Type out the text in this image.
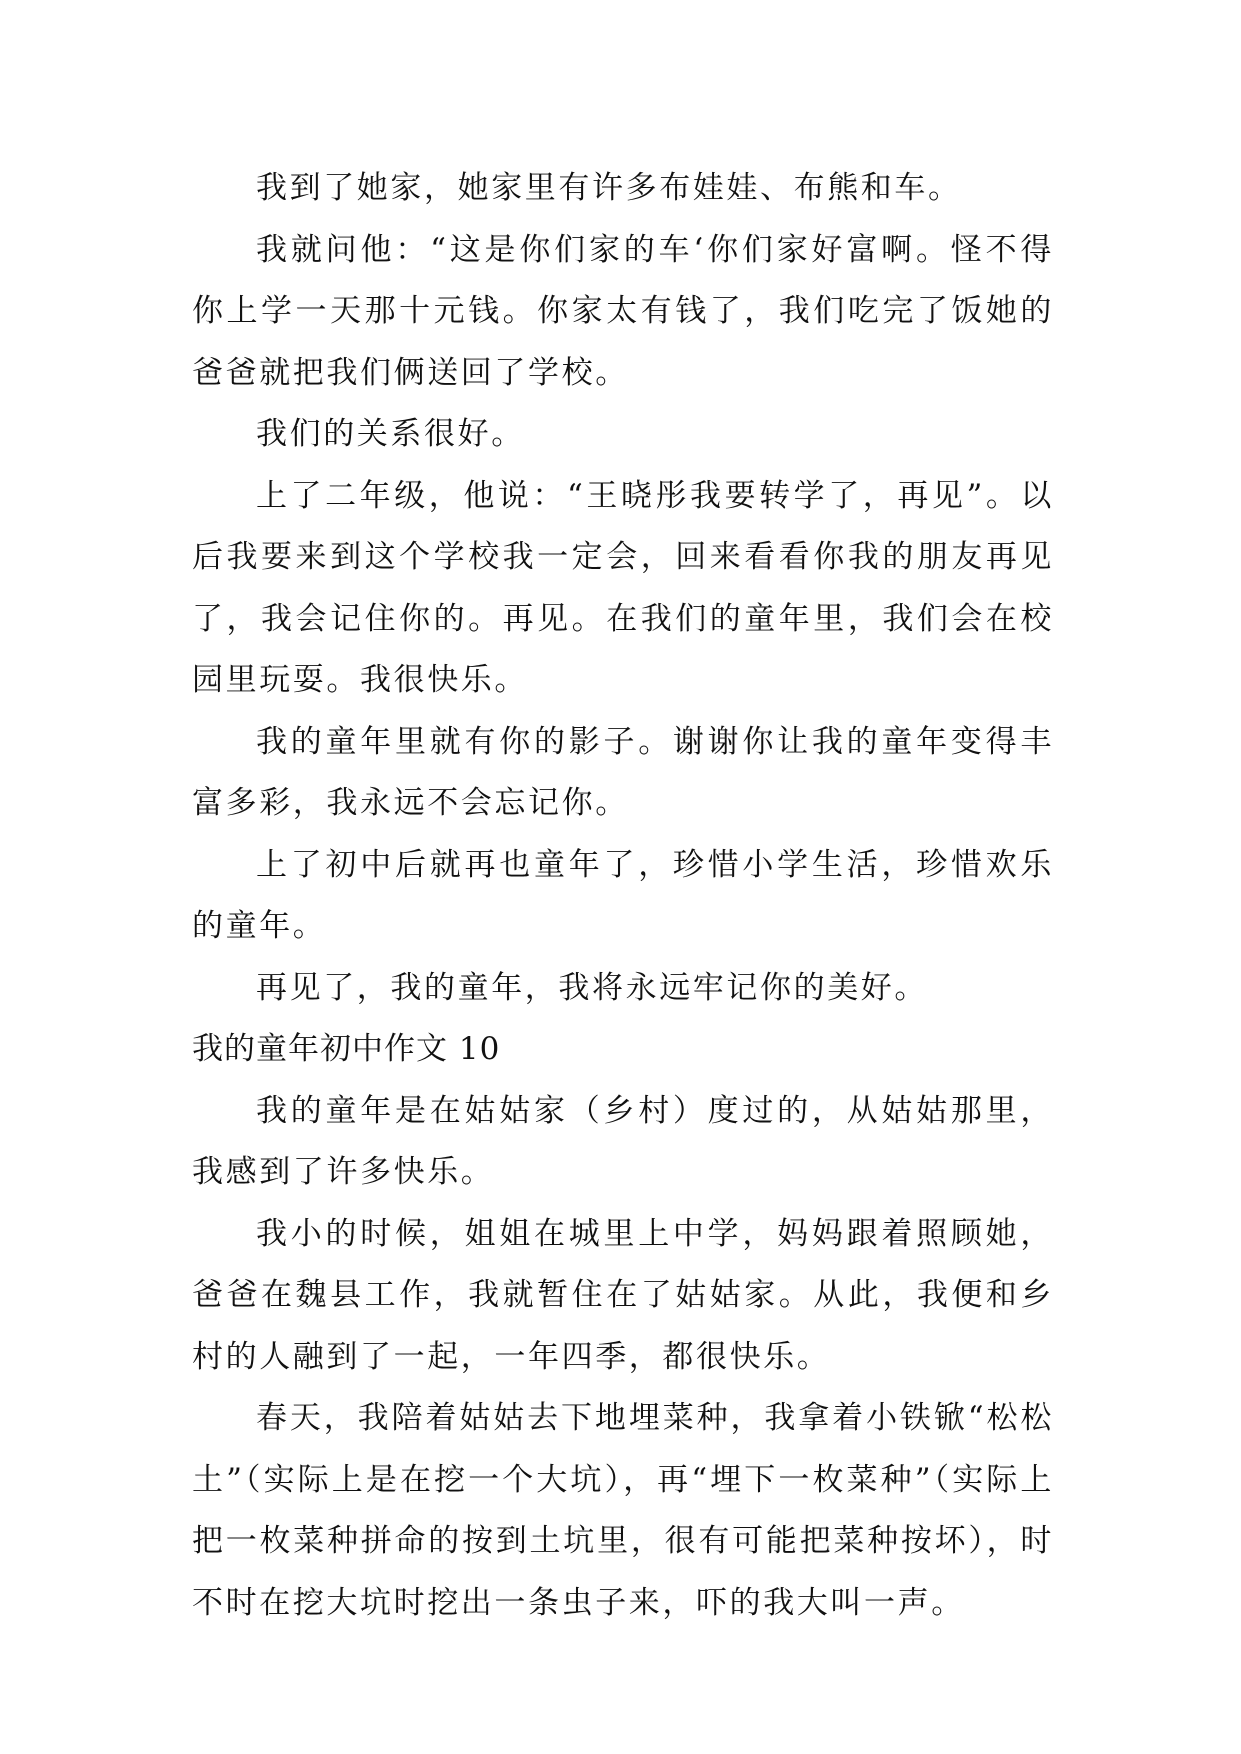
我到了她家，她家里有许多布娃娃、布熊和车。

我就问他：“这是你们家的车‘你们家好富啊。怪不得你上学一天那十元钱。你家太有钱了，我们吃完了饭她的爸爸就把我们俩送回了学校。

我们的关系很好。

上了二年级，他说：“王晓彤我要转学了，再见”。以后我要来到这个学校我一定会，回来看看你我的朋友再见了，我会记住你的。再见。在我们的童年里，我们会在校园里玩耍。我很快乐。

我的童年里就有你的影子。谢谢你让我的童年变得丰富多彩，我永远不会忘记你。

上了初中后就再也童年了，珍惜小学生活，珍惜欢乐的童年。

再见了，我的童年，我将永远牢记你的美好。

我的童年初中作文 10

我的童年是在姑姑家（乡村）度过的，从姑姑那里，我感到了许多快乐。

我小的时候，姐姐在城里上中学，妈妈跟着照顾她，爸爸在魏县工作，我就暂住在了姑姑家。从此，我便和乡村的人融到了一起，一年四季，都很快乐。

春天，我陪着姑姑去下地埋菜种，我拿着小铁锨“松松土”（实际上是在挖一个大坑），再“埋下一枚菜种”（实际上把一枚菜种拼命的按到土坑里，很有可能把菜种按坏），时不时在挖大坑时挖出一条虫子来，吓的我大叫一声。
